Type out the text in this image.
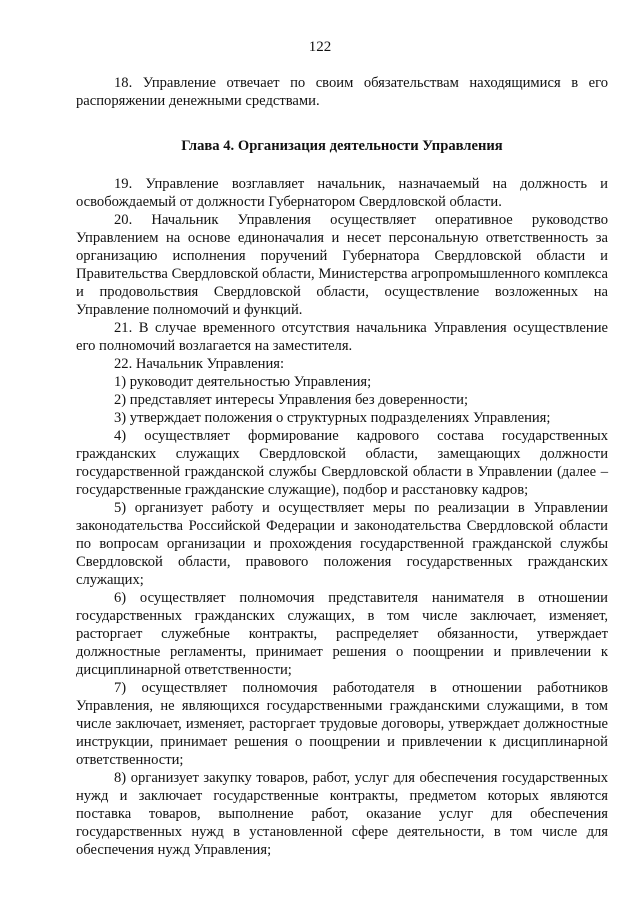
122

18. Управление отвечает по своим обязательствам находящимися в его распоряжении денежными средствами.

Глава 4. Организация деятельности Управления

19. Управление возглавляет начальник, назначаемый на должность и освобождаемый от должности Губернатором Свердловской области.

20. Начальник Управления осуществляет оперативное руководство Управлением на основе единоначалия и несет персональную ответственность за организацию исполнения поручений Губернатора Свердловской области и Правительства Свердловской области, Министерства агропромышленного комплекса и продовольствия Свердловской области, осуществление возложенных на Управление полномочий и функций.

21. В случае временного отсутствия начальника Управления осуществление его полномочий возлагается на заместителя.

22. Начальник Управления:

1) руководит деятельностью Управления;

2) представляет интересы Управления без доверенности;

3) утверждает положения о структурных подразделениях Управления;

4) осуществляет формирование кадрового состава государственных гражданских служащих Свердловской области, замещающих должности государственной гражданской службы Свердловской области в Управлении (далее – государственные гражданские служащие), подбор и расстановку кадров;

5) организует работу и осуществляет меры по реализации в Управлении законодательства Российской Федерации и законодательства Свердловской области по вопросам организации и прохождения государственной гражданской службы Свердловской области, правового положения государственных гражданских служащих;

6) осуществляет полномочия представителя нанимателя в отношении государственных гражданских служащих, в том числе заключает, изменяет, расторгает служебные контракты, распределяет обязанности, утверждает должностные регламенты, принимает решения о поощрении и привлечении к дисциплинарной ответственности;

7) осуществляет полномочия работодателя в отношении работников Управления, не являющихся государственными гражданскими служащими, в том числе заключает, изменяет, расторгает трудовые договоры, утверждает должностные инструкции, принимает решения о поощрении и привлечении к дисциплинарной ответственности;

8) организует закупку товаров, работ, услуг для обеспечения государственных нужд и заключает государственные контракты, предметом которых являются поставка товаров, выполнение работ, оказание услуг для обеспечения государственных нужд в установленной сфере деятельности, в том числе для обеспечения нужд Управления;
